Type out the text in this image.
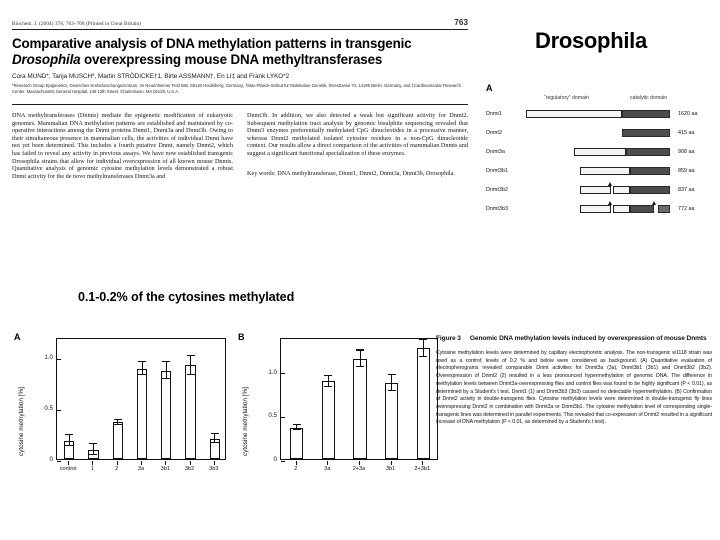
Biochem. J. (2004) 378, 763–768 (Printed in Great Britain)	763
Comparative analysis of DNA methylation patterns in transgenic
Drosophila overexpressing mouse DNA methyltransferases
Cora MUND*, Tanja MUSCH*, Martin STRÖDICKE†1, Birte ASSMANN†, En LI‡ and Frank LYKO*2
*Research Group Epigenetics, Deutsches Krebsforschungszentrum, Im Neuenheimer Feld 580, 69120 Heidelberg, Germany, †Max-Planck-Institut für Molekulare Genetik, Ihnestrasse 73, 14195 Berlin, Germany, and ‡Cardiovascular Research Center, Massachusetts General Hospital, 149 13th Street, Charlestown, MA 02129, U.S.A.
DNA methyltransferases (Dnmts) mediate the epigenetic modification of eukaryotic genomes. Mammalian DNA methylation patterns are established and maintained by co-operative interactions among the Dnmt proteins Dnmt1, Dnmt3a and Dnmt3b. Owing to their simultaneous presence in mammalian cells, the activities of individual Dnmt have not yet been determined. This includes a fourth putative Dnmt, namely Dnmt2, which has failed to reveal any activity in previous assays. We have now established transgenic Drosophila strains that allow for individual overexpression of all known mouse Dnmts. Quantitative analysis of genomic cytosine methylation levels demonstrated a robust Dnmt activity for the de novo methyltransferases Dnmt3a and
Dnmt3b. In addition, we also detected a weak but significant activity for Dnmt2. Subsequent methylation tract analysis by genomic bisulphite sequencing revealed that Dnmt3 enzymes preferentially methylated CpG dinucleotides in a processive manner, whereas Dnmt2 methylated isolated cytosine residues in a non-CpG dinucleotide context. Our results allow a direct comparison of the activities of mammalian Dnmts and suggest a significant functional specialization of these enzymes.
Key words: DNA methyltransferase, Dnmt1, Dnmt2, Dnmt3a, Dnmt3b, Drosophila.
Drosophila
A
“regulatory” domain	catalytic domain
Dnmt1	1620 aa
Dnmt2	415 aa
Dnmt3a	908 aa
Dnmt3b1	859 aa
Dnmt3b2	837 aa
Dnmt3b3	772 aa
0.1-0.2% of the cytosines methylated
A
cytosine methylation [%]
0
0.5
1.0
control	1	2	3a	3b1	3b2	3b3
B
cytosine methylation [%]
0
0.5
1.0
2	3a	2+3a	3b1	2+3b1
Figure 3 Genomic DNA methylation levels induced by overexpression of mouse Dnmts
Cytosine methylation levels were determined by capillary electrophoretic analysis. The non-transgenic w1118 strain was used as a control; levels of 0.2 % and below were considered as background. (A) Quantitative evaluation of electropherograms revealed comparable Dnmt activities for Dnmt3a (3a), Dnmt3b1 (3b1) and Dnmt3b2 (3b2). Overexpression of Dnmt2 (2) resulted in a less pronounced hypermethylation of genomic DNA. The difference in methylation levels between Dnmt3a-overexpressing flies and control flies was found to be highly significant (P < 0.01), as determined by a Student's t test. Dnmt1 (1) and Dnmt3b3 (3b3) caused no detectable hypermethylation. (B) Confirmation of Dnmt2 activity in double-transgenic flies. Cytosine methylation levels were determined in double-transgenic fly lines overexpressing Dnmt2 in combination with Dnmt3a or Dnmt3b1. The cytosine methylation level of corresponding single-transgenic lines was determined in parallel experiments. This revealed that co-expression of Dnmt2 resulted in a significant increase of DNA methylation (P < 0.01, as determined by a Student's t test).
